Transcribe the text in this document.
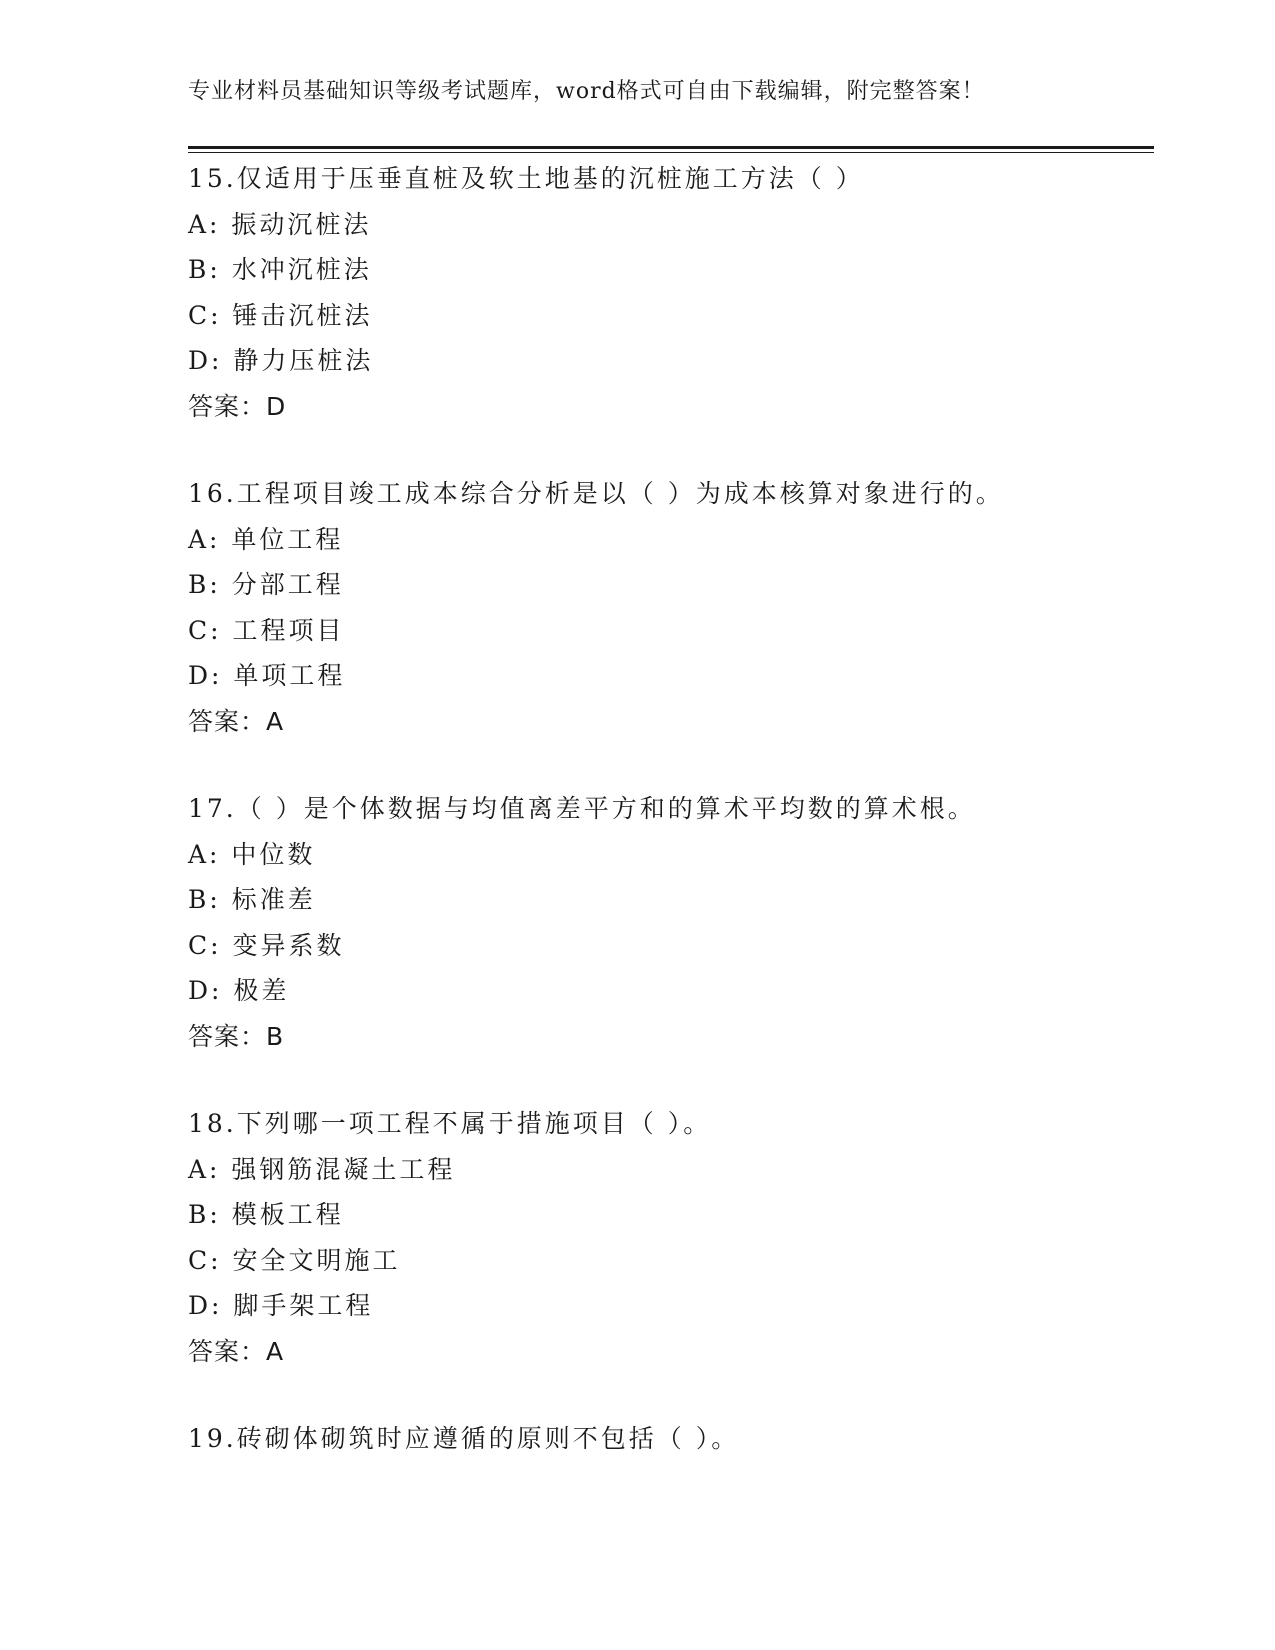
专业材料员基础知识等级考试题库，word格式可自由下载编辑，附完整答案！
15.仅适用于压垂直桩及软土地基的沉桩施工方法（ ）
A: 振动沉桩法
B: 水冲沉桩法
C: 锤击沉桩法
D: 静力压桩法
答案：D
16.工程项目竣工成本综合分析是以（ ）为成本核算对象进行的。
A: 单位工程
B: 分部工程
C: 工程项目
D: 单项工程
答案：A
17.（ ）是个体数据与均值离差平方和的算术平均数的算术根。
A: 中位数
B: 标准差
C: 变异系数
D: 极差
答案：B
18.下列哪一项工程不属于措施项目（ ）。
A: 强钢筋混凝土工程
B: 模板工程
C: 安全文明施工
D: 脚手架工程
答案：A
19.砖砌体砌筑时应遵循的原则不包括（ ）。
